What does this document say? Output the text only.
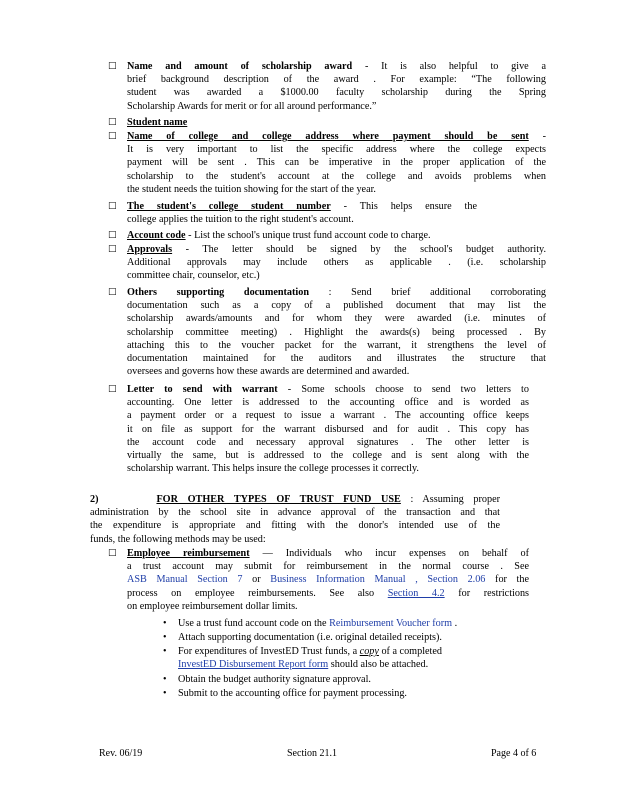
□ Name and amount of scholarship award - It is also helpful to give a
brief background description of the award . For example: “The following
student was awarded a $1000.00 faculty scholarship during the Spring
Scholarship Awards for merit or for all around performance.”
□ Student name
□ Name of college and college address where payment should be sent -
It is very important to list the specific address where the college expects
payment will be sent . This can be imperative in the proper application of the
scholarship to the student's account at the college and avoids problems when
the student needs the tuition showing for the start of the year.
□ The student's college student number - This helps ensure the
college applies the tuition to the right student's account.
□ Account code - List the school's unique trust fund account code to charge.
□ Approvals - The letter should be signed by the school's budget authority.
Additional approvals may include others as applicable . (i.e. scholarship
committee chair, counselor, etc.)
□ Others supporting documentation : Send brief additional corroborating
documentation such as a copy of a published document that may list the
scholarship awards/amounts and for whom they were awarded (i.e. minutes of
scholarship committee meeting) . Highlight the awards(s) being processed . By
attaching this to the voucher packet for the warrant, it strengthens the level of
documentation maintained for the auditors and illustrates the structure that
oversees and governs how these awards are determined and awarded.
□ Letter to send with warrant - Some schools choose to send two letters to
accounting. One letter is addressed to the accounting office and is worded as
a payment order or a request to issue a warrant . The accounting office keeps
it on file as support for the warrant disbursed and for audit . This copy has
the account code and necessary approval signatures . The other letter is
virtually the same, but is addressed to the college and is sent along with the
scholarship warrant. This helps insure the college processes it correctly.
2)	FOR OTHER TYPES OF TRUST FUND USE : Assuming proper
administration by the school site in advance approval of the transaction and that
the expenditure is appropriate and fitting with the donor's intended use of the
funds, the following methods may be used:
□ Employee reimbursement — Individuals who incur expenses on behalf of
a trust account may submit for reimbursement in the normal course . See
ASB Manual Section 7 or Business Information Manual , Section 2.06 for the
process on employee reimbursements. See also Section 4.2 for restrictions
on employee reimbursement dollar limits.
• Use a trust fund account code on the Reimbursement Voucher form .
• Attach supporting documentation (i.e. original detailed receipts).
• For expenditures of InvestED Trust funds, a copy of a completed
InvestED Disbursement Report form should also be attached.
• Obtain the budget authority signature approval.
• Submit to the accounting office for payment processing.
Rev. 06/19	Section 21.1	Page 4 of 6
